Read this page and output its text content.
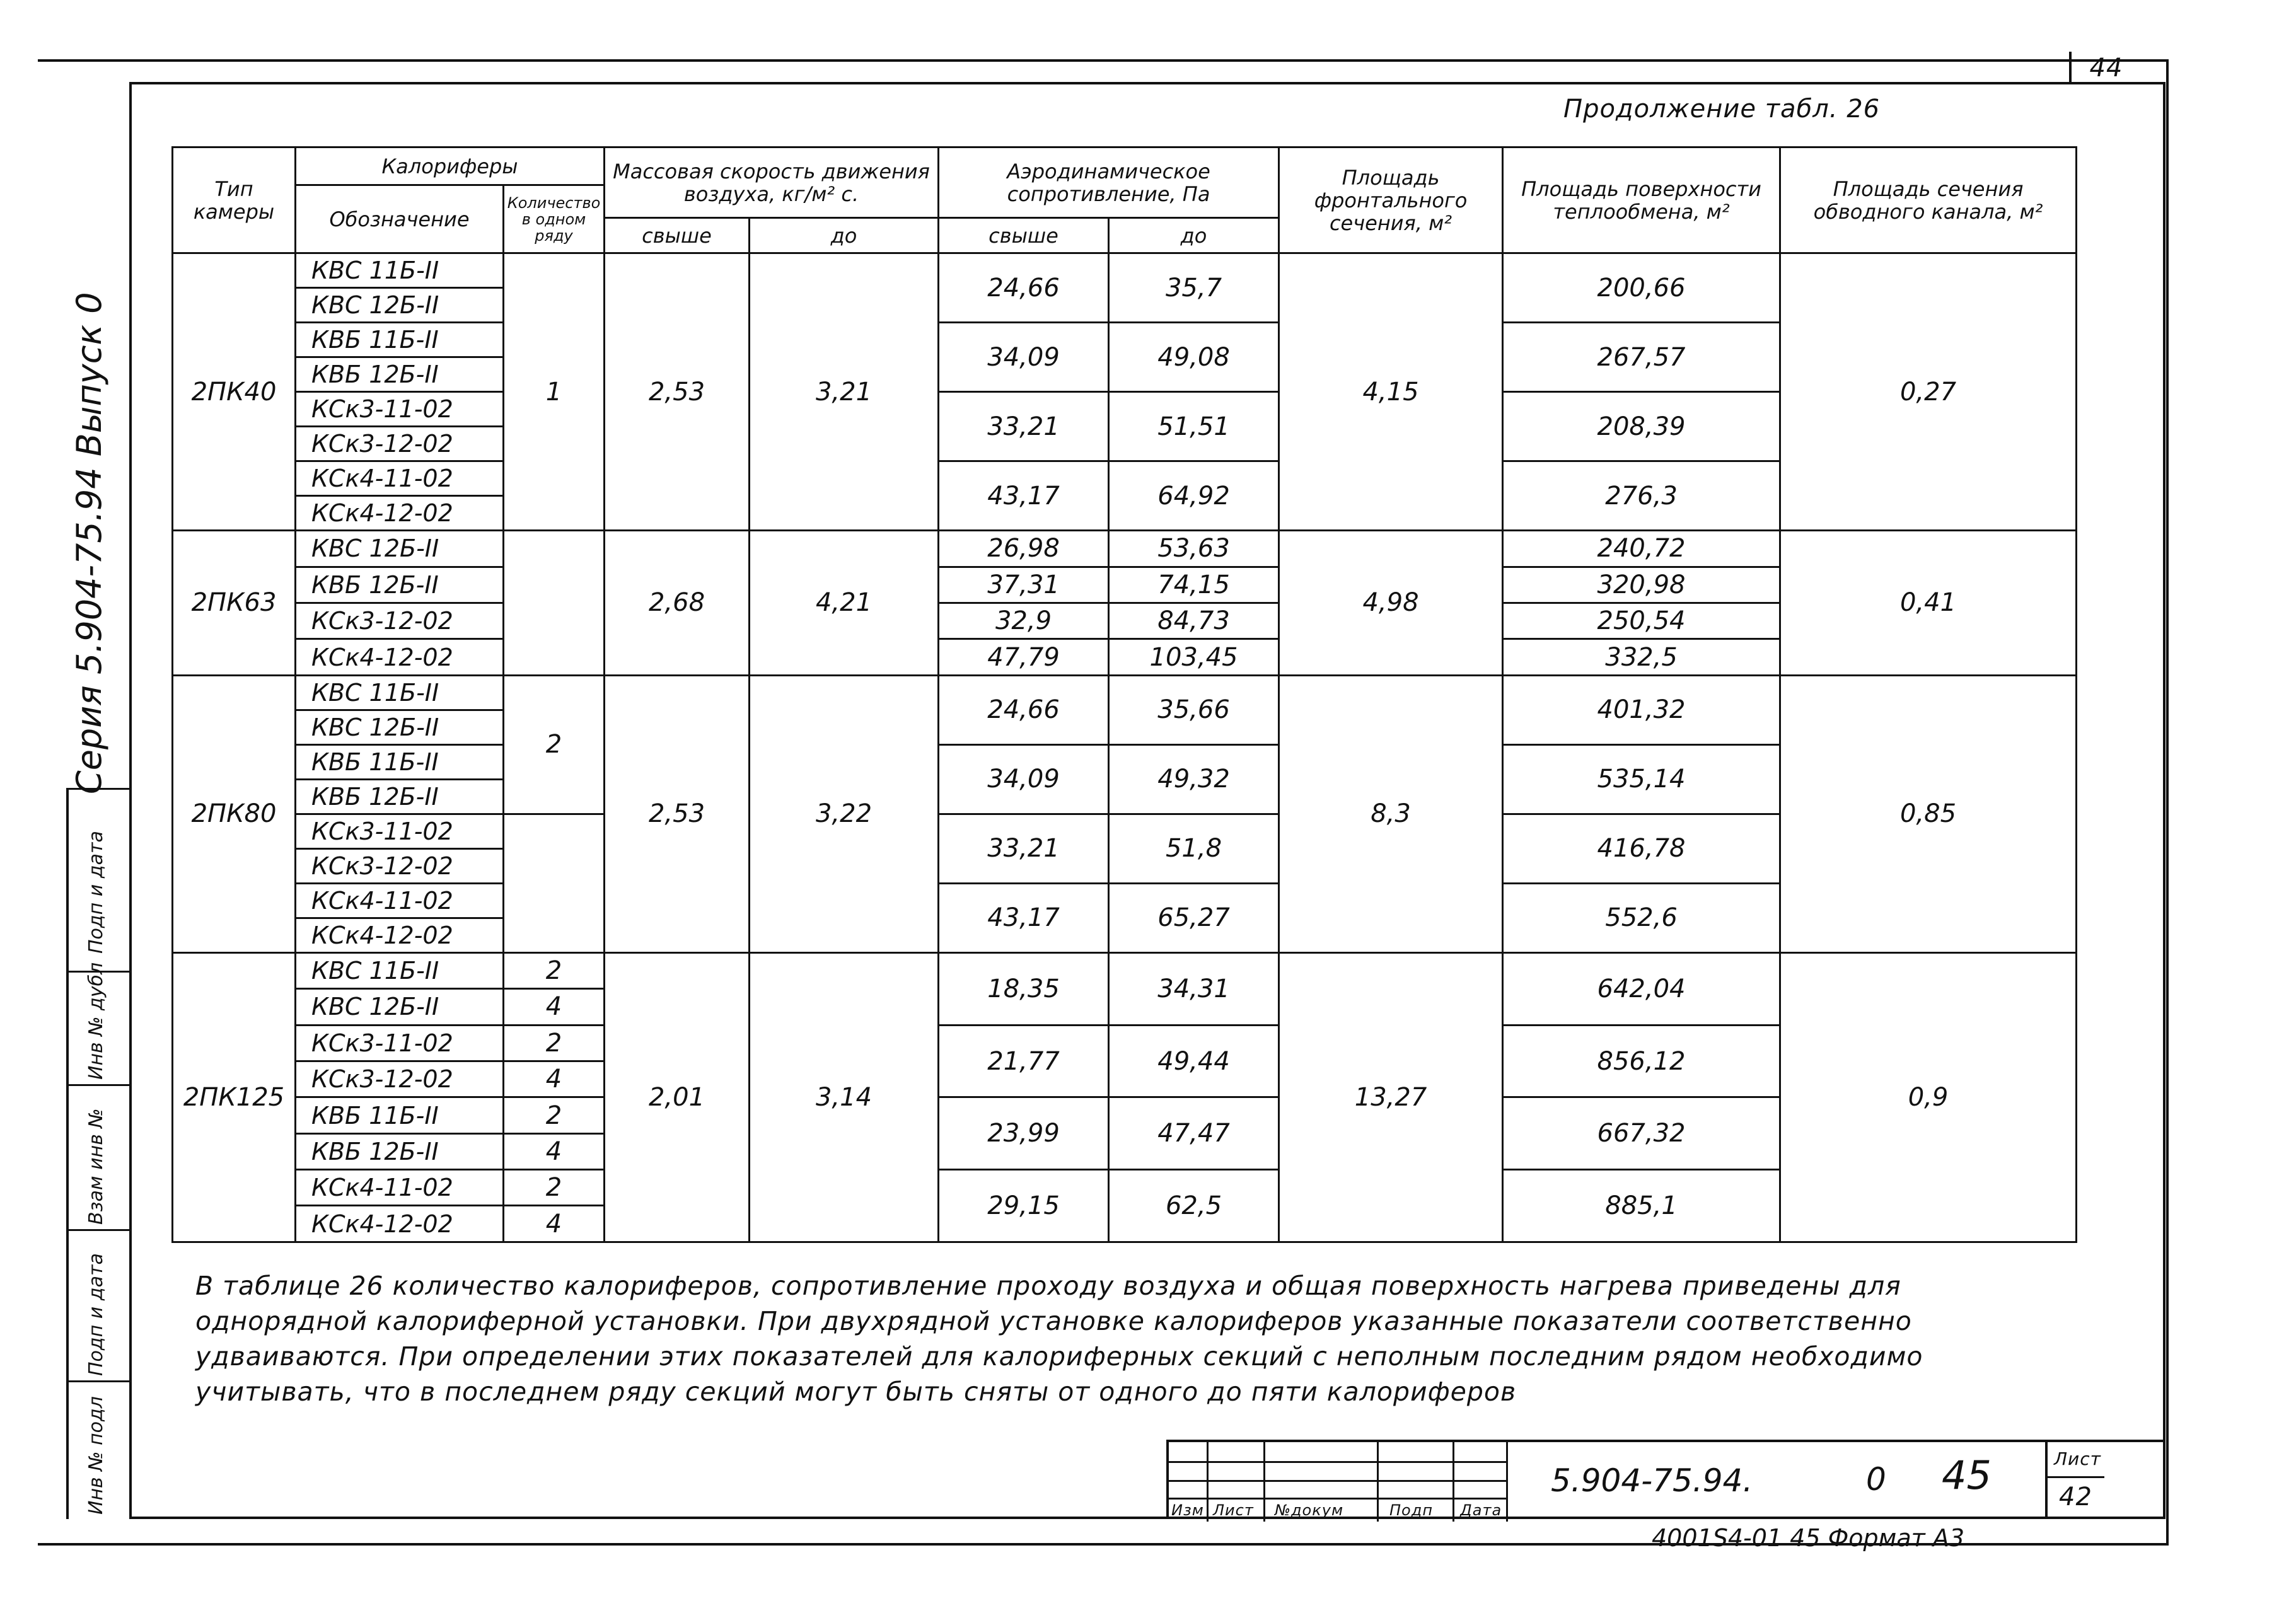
44
Продолжение табл. 26
Серия 5.904-75.94 Выпуск 0
Подп и дата
Инв № дубл
Взам инв №
Подп и дата
Инв № подл
Тип камеры	Калориферы		Массовая скорость движения воздуха, кг/м² с.		Аэродинамическое сопротивление, Па		Площадь фронтального сечения, м²	Площадь поверхности теплообмена, м²	Площадь сечения обводного канала, м²
	Обозначение	Количество в одном ряду							
			свыше	до	свыше	до			
2ПК40	КВС 11Б-II	1	2,53	3,21	24,66	35,7	4,15	200,66	0,27
	КВС 12Б-II								
	КВБ 11Б-II				34,09	49,08		267,57	
	КВБ 12Б-II								
	КСк3-11-02				33,21	51,51		208,39	
	КСк3-12-02								
	КСк4-11-02				43,17	64,92		276,3	
	КСк4-12-02								
2ПК63	КВС 12Б-II		2,68	4,21	26,98	53,63	4,98	240,72	0,41
	КВБ 12Б-II				37,31	74,15		320,98	
	КСк3-12-02				32,9	84,73		250,54	
	КСк4-12-02				47,79	103,45		332,5	
2ПК80	КВС 11Б-II	2	2,53	3,22	24,66	35,66	8,3	401,32	0,85
	КВС 12Б-II								
	КВБ 11Б-II				34,09	49,32		535,14	
	КВБ 12Б-II								
	КСк3-11-02				33,21	51,8		416,78	
	КСк3-12-02								
	КСк4-11-02				43,17	65,27		552,6	
	КСк4-12-02								
2ПК125	КВС 11Б-II	2	2,01	3,14	18,35	34,31	13,27	642,04	0,9
	КВС 12Б-II	4							
	КСк3-11-02	2			21,77	49,44		856,12	
	КСк3-12-02	4							
	КВБ 11Б-II	2			23,99	47,47		667,32	
	КВБ 12Б-II	4							
	КСк4-11-02	2			29,15	62,5		885,1	
	КСк4-12-02	4							
В таблице 26 количество калориферов, сопротивление проходу воздуха и общая поверхность нагрева приведены для однорядной калориферной установки. При двухрядной установке калориферов указанные показатели соответственно удваиваются. При определении этих показателей для калориферных секций с неполным последним рядом необходимо учитывать, что в последнем ряду секций могут быть сняты от одного до пяти калориферов
Изм Лист №докум	Подп Дата
5.904-75.94.	0 45	Лист
42
4001S4-01 45 Формат А3
